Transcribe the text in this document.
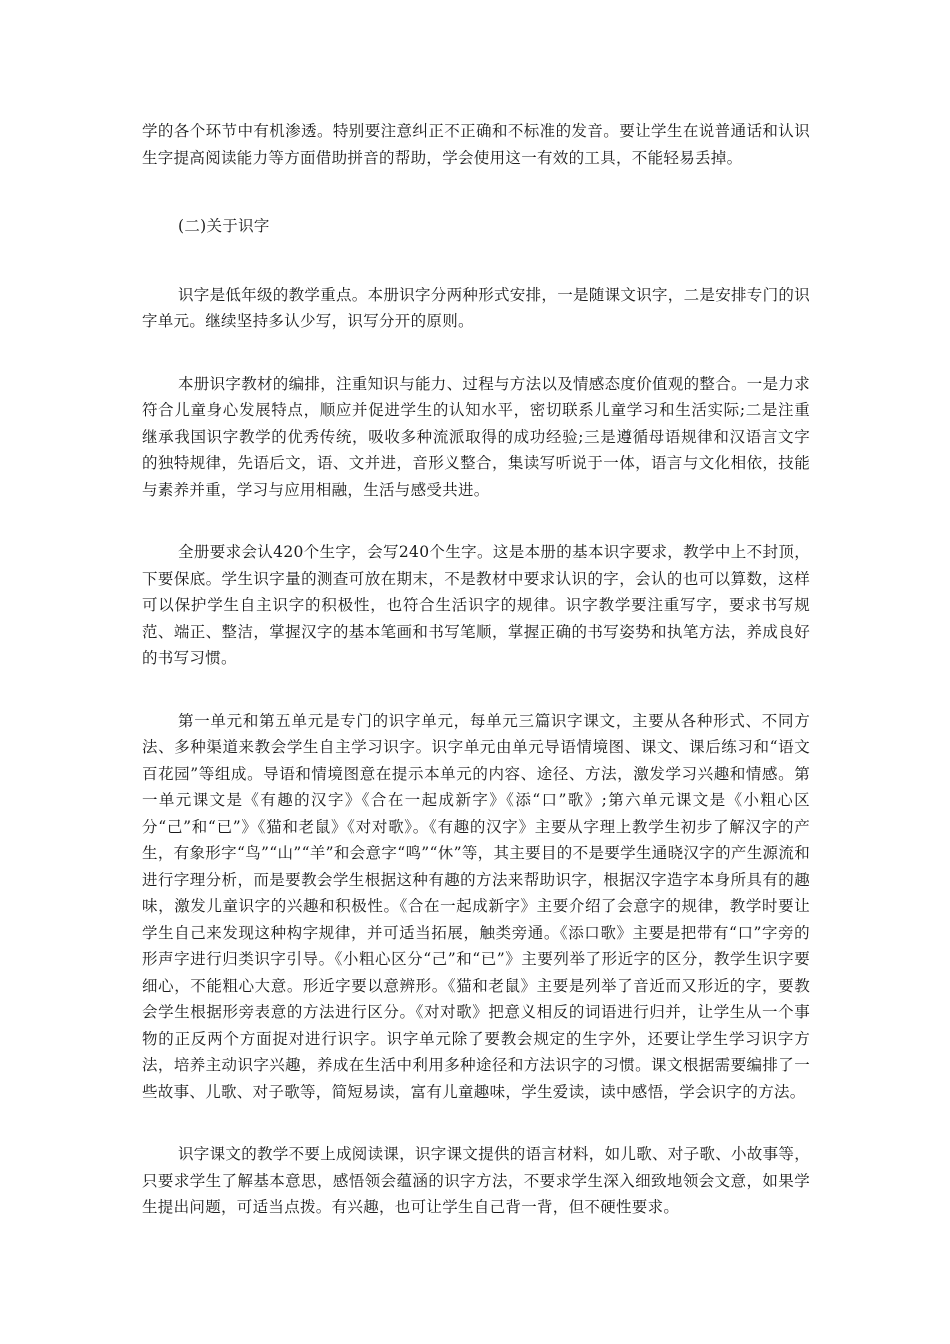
学的各个环节中有机渗透。特别要注意纠正不正确和不标准的发音。要让学生在说普通话和认识生字提高阅读能力等方面借助拼音的帮助，学会使用这一有效的工具，不能轻易丢掉。

(二)关于识字

识字是低年级的教学重点。本册识字分两种形式安排，一是随课文识字，二是安排专门的识字单元。继续坚持多认少写，识写分开的原则。

本册识字教材的编排，注重知识与能力、过程与方法以及情感态度价值观的整合。一是力求符合儿童身心发展特点，顺应并促进学生的认知水平，密切联系儿童学习和生活实际;二是注重继承我国识字教学的优秀传统，吸收多种流派取得的成功经验;三是遵循母语规律和汉语言文字的独特规律，先语后文，语、文并进，音形义整合，集读写听说于一体，语言与文化相依，技能与素养并重，学习与应用相融，生活与感受共进。

全册要求会认420个生字，会写240个生字。这是本册的基本识字要求，教学中上不封顶，下要保底。学生识字量的测查可放在期末，不是教材中要求认识的字，会认的也可以算数，这样可以保护学生自主识字的积极性，也符合生活识字的规律。识字教学要注重写字，要求书写规范、端正、整洁，掌握汉字的基本笔画和书写笔顺，掌握正确的书写姿势和执笔方法，养成良好的书写习惯。

第一单元和第五单元是专门的识字单元，每单元三篇识字课文，主要从各种形式、不同方法、多种渠道来教会学生自主学习识字。识字单元由单元导语情境图、课文、课后练习和“语文百花园”等组成。导语和情境图意在提示本单元的内容、途径、方法，激发学习兴趣和情感。第一单元课文是《有趣的汉字》《合在一起成新字》《添“口”歌》;第六单元课文是《小粗心区分“己”和“已”》《猫和老鼠》《对对歌》。《有趣的汉字》主要从字理上教学生初步了解汉字的产生，有象形字“鸟”“山”“羊”和会意字“鸣”“休”等，其主要目的不是要学生通晓汉字的产生源流和进行字理分析，而是要教会学生根据这种有趣的方法来帮助识字，根据汉字造字本身所具有的趣味，激发儿童识字的兴趣和积极性。《合在一起成新字》主要介绍了会意字的规律，教学时要让学生自己来发现这种构字规律，并可适当拓展，触类旁通。《添口歌》主要是把带有“口”字旁的形声字进行归类识字引导。《小粗心区分“己”和“已”》主要列举了形近字的区分，教学生识字要细心，不能粗心大意。形近字要以意辨形。《猫和老鼠》主要是列举了音近而又形近的字，要教会学生根据形旁表意的方法进行区分。《对对歌》把意义相反的词语进行归并，让学生从一个事物的正反两个方面捉对进行识字。识字单元除了要教会规定的生字外，还要让学生学习识字方法，培养主动识字兴趣，养成在生活中利用多种途径和方法识字的习惯。课文根据需要编排了一些故事、儿歌、对子歌等，简短易读，富有儿童趣味，学生爱读，读中感悟，学会识字的方法。

识字课文的教学不要上成阅读课，识字课文提供的语言材料，如儿歌、对子歌、小故事等，只要求学生了解基本意思，感悟领会蕴涵的识字方法，不要求学生深入细致地领会文意，如果学生提出问题，可适当点拨。有兴趣，也可让学生自己背一背，但不硬性要求。
